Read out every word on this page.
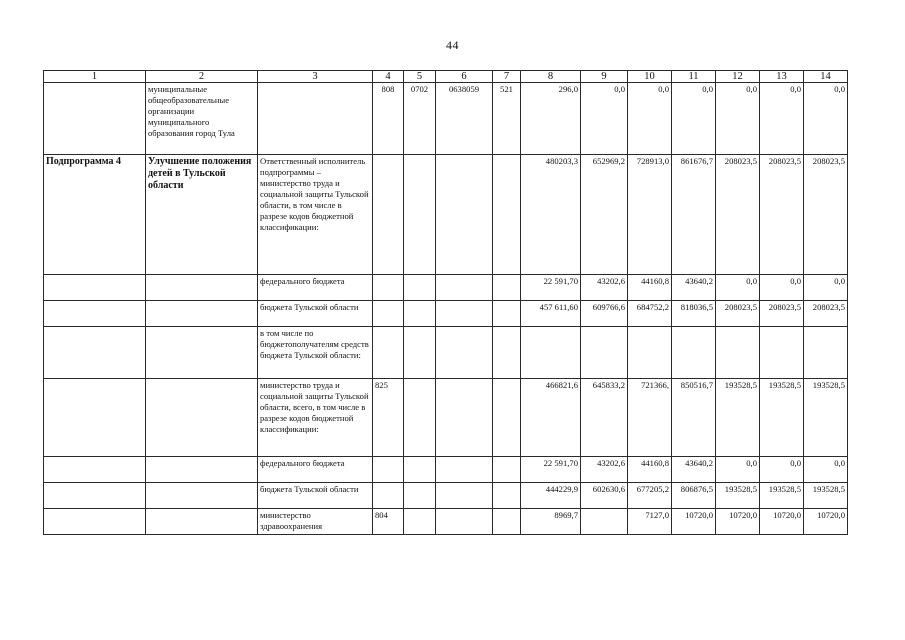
44
1	2	3	4	5	6	7	8	9	10	11	12	13	14
	муниципальные общеобразовательные организации муниципального образования город Тула		808	0702	0638059	521	296,0	0,0	0,0	0,0	0,0	0,0	0,0
Подпрограмма 4	Улучшение положения детей в Тульской области	Ответственный исполнитель подпрограммы – министерство труда и социальной защиты Тульской области, в том числе в разрезе кодов бюджетной классификации:					480203,3	652969,2	728913,0	861676,7	208023,5	208023,5	208023,5
		федерального бюджета					22 591,70	43202,6	44160,8	43640,2	0,0	0,0	0,0
		бюджета Тульской области					457 611,60	609766,6	684752,2	818036,5	208023,5	208023,5	208023,5
		в том числе по бюджетополучателям средств бюджета Тульской области:											
		министерство труда и социальной защиты Тульской области, всего, в том числе в разрезе кодов бюджетной классификации:	825				466821,6	645833,2	721366,	850516,7	193528,5	193528,5	193528,5
		федерального бюджета					22 591,70	43202,6	44160,8	43640,2	0,0	0,0	0,0
		бюджета Тульской области					444229,9	602630,6	677205,2	806876,5	193528,5	193528,5	193528,5
		министерство здравоохранения	804				8969,7		7127,0	10720,0	10720,0	10720,0	10720,0
